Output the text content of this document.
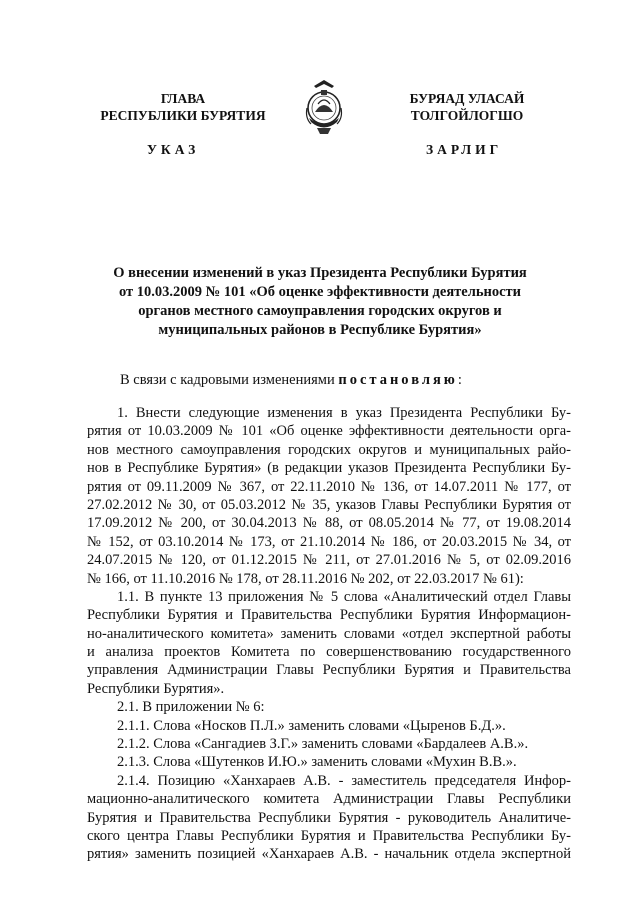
ГЛАВА
РЕСПУБЛИКИ БУРЯТИЯ
УКАЗ
БУРЯАД УЛАСАЙ
ТОЛГОЙЛОГШО
ЗАРЛИГ
О внесении изменений в указ Президента Республики Бурятия
от 10.03.2009 № 101 «Об оценке эффективности деятельности
органов местного самоуправления городских округов и
муниципальных районов в Республике Бурятия»
В связи с кадровыми изменениями постановляю:
1. Внести следующие изменения в указ Президента Республики Бу-
рятия от 10.03.2009 № 101 «Об оценке эффективности деятельности орга-
нов местного самоуправления городских округов и муниципальных райо-
нов в Республике Бурятия» (в редакции указов Президента Республики Бу-
рятия от 09.11.2009 № 367, от 22.11.2010 № 136, от 14.07.2011 № 177, от
27.02.2012 № 30, от 05.03.2012 № 35, указов Главы Республики Бурятия от
17.09.2012 № 200, от 30.04.2013 № 88, от 08.05.2014 № 77, от 19.08.2014
№ 152, от 03.10.2014 № 173, от 21.10.2014 № 186, от 20.03.2015 № 34, от
24.07.2015 № 120, от 01.12.2015 № 211, от 27.01.2016 № 5, от 02.09.2016
№ 166, от 11.10.2016 № 178, от 28.11.2016 № 202, от 22.03.2017 № 61):
1.1. В пункте 13 приложения № 5 слова «Аналитический отдел Главы
Республики Бурятия и Правительства Республики Бурятия Информацион-
но-аналитического комитета» заменить словами «отдел экспертной работы
и анализа проектов Комитета по совершенствованию государственного
управления Администрации Главы Республики Бурятия и Правительства
Республики Бурятия».
2.1. В приложении № 6:
2.1.1. Слова «Носков П.Л.» заменить словами «Цыренов Б.Д.».
2.1.2. Слова «Сангадиев З.Г.» заменить словами «Бардалеев А.В.».
2.1.3. Слова «Шутенков И.Ю.» заменить словами «Мухин В.В.».
2.1.4. Позицию «Ханхараев А.В. - заместитель председателя Инфор-
мационно-аналитического комитета Администрации Главы Республики
Бурятия и Правительства Республики Бурятия - руководитель Аналитиче-
ского центра Главы Республики Бурятия и Правительства Республики Бу-
рятия» заменить позицией «Ханхараев А.В. - начальник отдела экспертной
